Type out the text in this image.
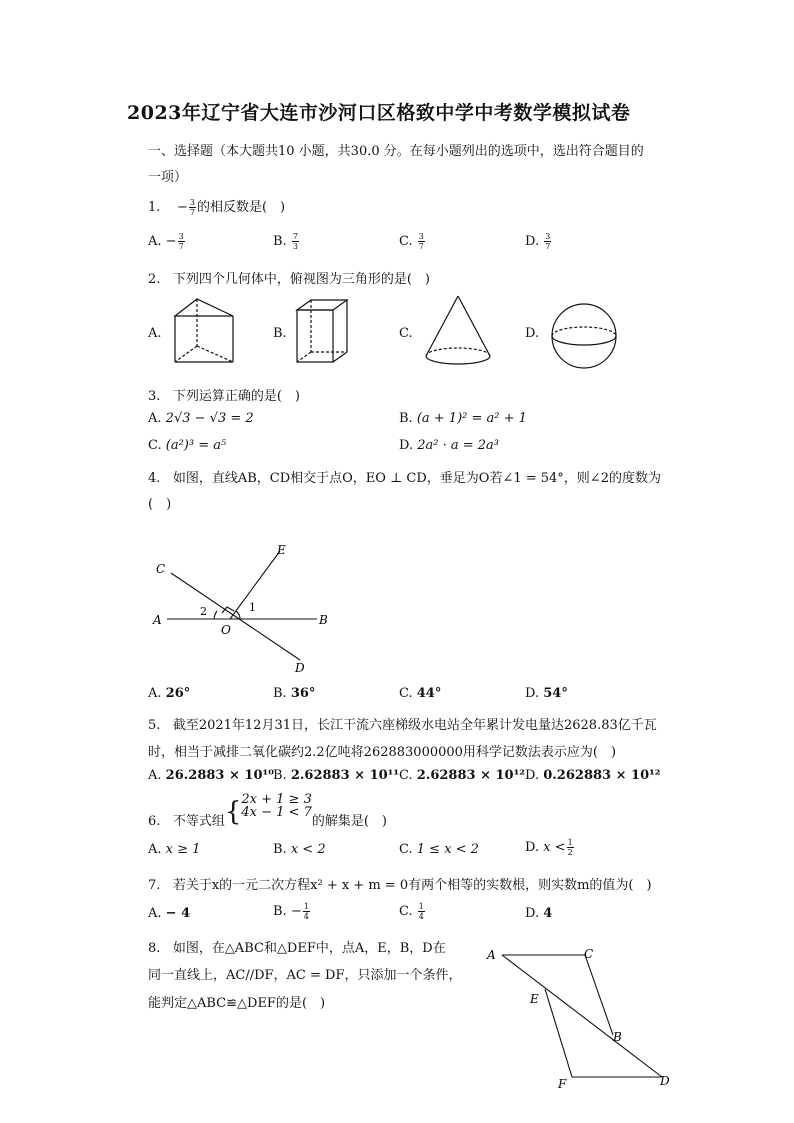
2023年辽宁省大连市沙河口区格致中学中考数学模拟试卷
一、选择题（本大题共10 小题，共30.0 分。在每小题列出的选项中，选出符合题目的
一项）
1. − $\frac{3}{7}$ 的相反数是(　)
A. − $\frac{3}{7}$	B. $\frac{7}{3}$	C. $\frac{3}{7}$	D. $\frac{3}{7}$
2. 下列四个几何体中，俯视图为三角形的是(　)
A.	B.	C.	D.
3. 下列运算正确的是(　)
A. 2√3 − √3 = 2	B. (a + 1)² = a² + 1
C. (a²)³ = a⁵	D. 2a² · a = 2a³
4. 如图，直线AB，CD相交于点O，EO ⊥ CD，垂足为O若∠1 = 54°，则∠2的度数为
(　)
A	B
C
D
E
O
1
2
A. 26°	B. 36°	C. 44°	D. 54°
5. 截至2021年12月31日，长江干流六座梯级水电站全年累计发电量达2628.83亿千瓦
时，相当于减排二氧化碳约2.2亿吨将262883000000用科学记数法表示应为(　)
A. 26.2883 × 10¹⁰ B. 2.62883 × 10¹¹ C. 2.62883 × 10¹² D. 0.262883 × 10¹²
6. 不等式组{2x + 1 ≥ 3
4x − 1 < 7的解集是(　)
A. x ≥ 1	B. x < 2	C. 1 ≤ x < 2	D. $x < \frac{1}{2}$
7. 若关于x的一元二次方程x² + x + m = 0有两个相等的实数根，则实数m的值为(　)
A. − 4	B. − $\frac{1}{4}$	C. $\frac{1}{4}$	D. 4
8. 如图，在△ABC和△DEF中，点A，E，B，D在
同一直线上，AC//DF，AC = DF，只添加一个条件，
能判定△ABC≌△DEF的是(　)
A	C
E
B
F	D
